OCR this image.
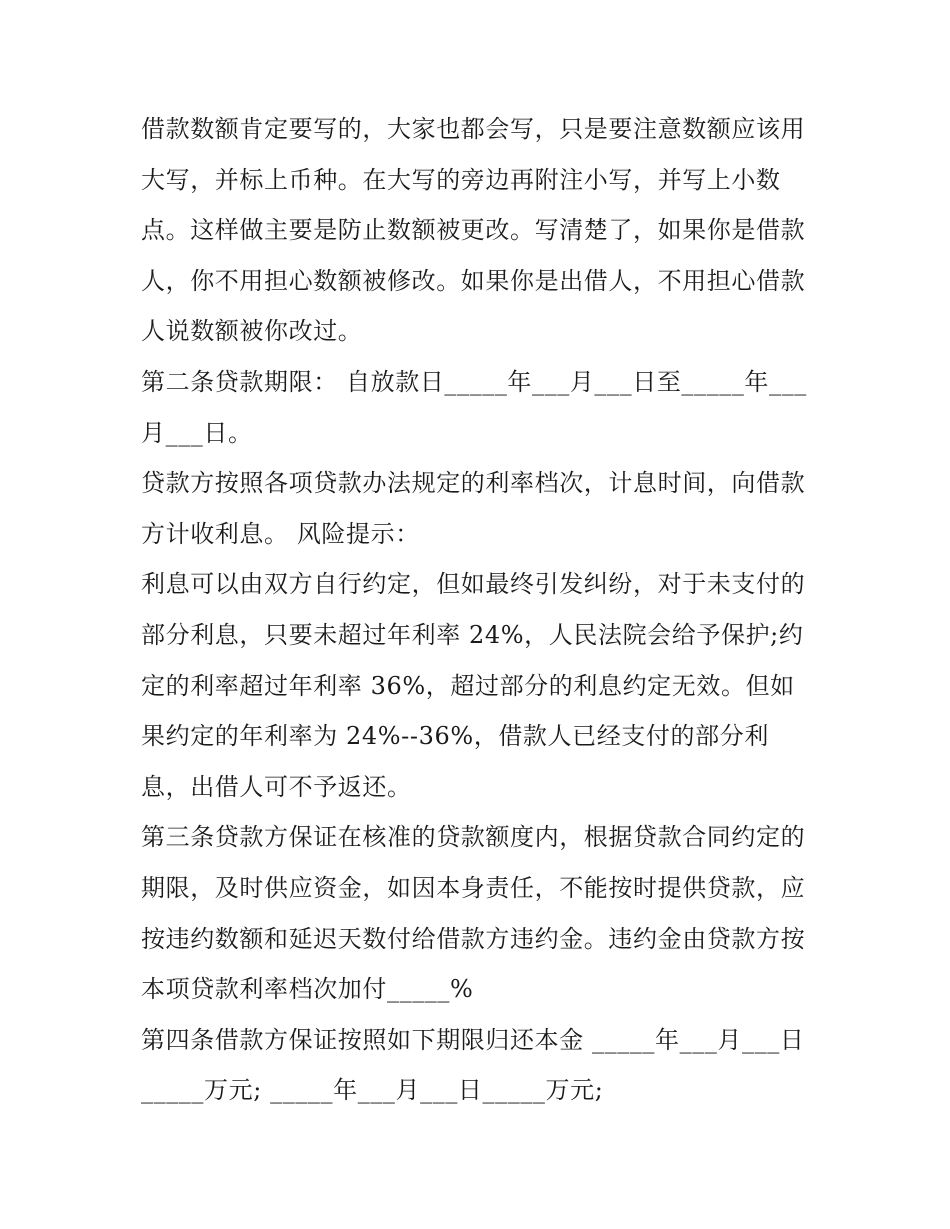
借款数额肯定要写的，大家也都会写，只是要注意数额应该用大写，并标上币种。在大写的旁边再附注小写，并写上小数点。这样做主要是防止数额被更改。写清楚了，如果你是借款人，你不用担心数额被修改。如果你是出借人，不用担心借款人说数额被你改过。

第二条贷款期限： 自放款日_____年___月___日至_____年___月___日。

贷款方按照各项贷款办法规定的利率档次，计息时间，向借款方计收利息。 风险提示：

利息可以由双方自行约定，但如最终引发纠纷，对于未支付的部分利息，只要未超过年利率 24%，人民法院会给予保护;约定的利率超过年利率 36%，超过部分的利息约定无效。但如果约定的年利率为 24%--36%，借款人已经支付的部分利息，出借人可不予返还。

第三条贷款方保证在核准的贷款额度内，根据贷款合同约定的期限，及时供应资金，如因本身责任，不能按时提供贷款，应按违约数额和延迟天数付给借款方违约金。违约金由贷款方按本项贷款利率档次加付_____%

第四条借款方保证按照如下期限归还本金 _____年___月___日_____万元; _____年___月___日_____万元;
